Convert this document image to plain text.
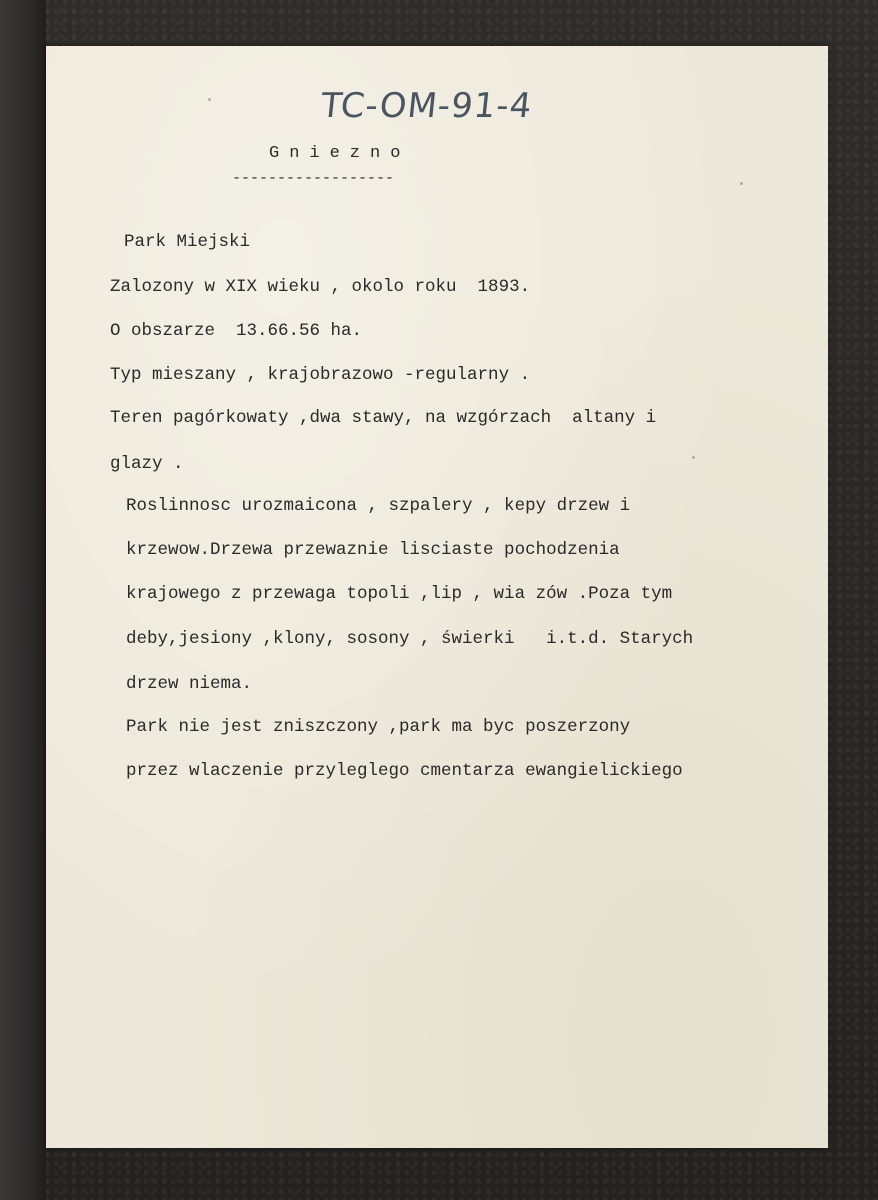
TC-OM-91-4
Gniezno
------------------
Park Miejski
Zalozony w XIX wieku , okolo roku  1893.
O obszarze  13.66.56 ha.
Typ mieszany , krajobrazowo -regularny .
Teren pagórkowaty ,dwa stawy, na wzgórzach  altany i
glazy .
Roslinnosc urozmaicona , szpalery , kepy drzew i
krzewow.Drzewa przewaznie lisciaste pochodzenia
krajowego z przewaga topoli ,lip , wia zów .Poza tym
deby,jesiony ,klony, sosony , świerki   i.t.d. Starych
drzew niema.
Park nie jest zniszczony ,park ma byc poszerzony
przez wlaczenie przyleglego cmentarza ewangielickiego
